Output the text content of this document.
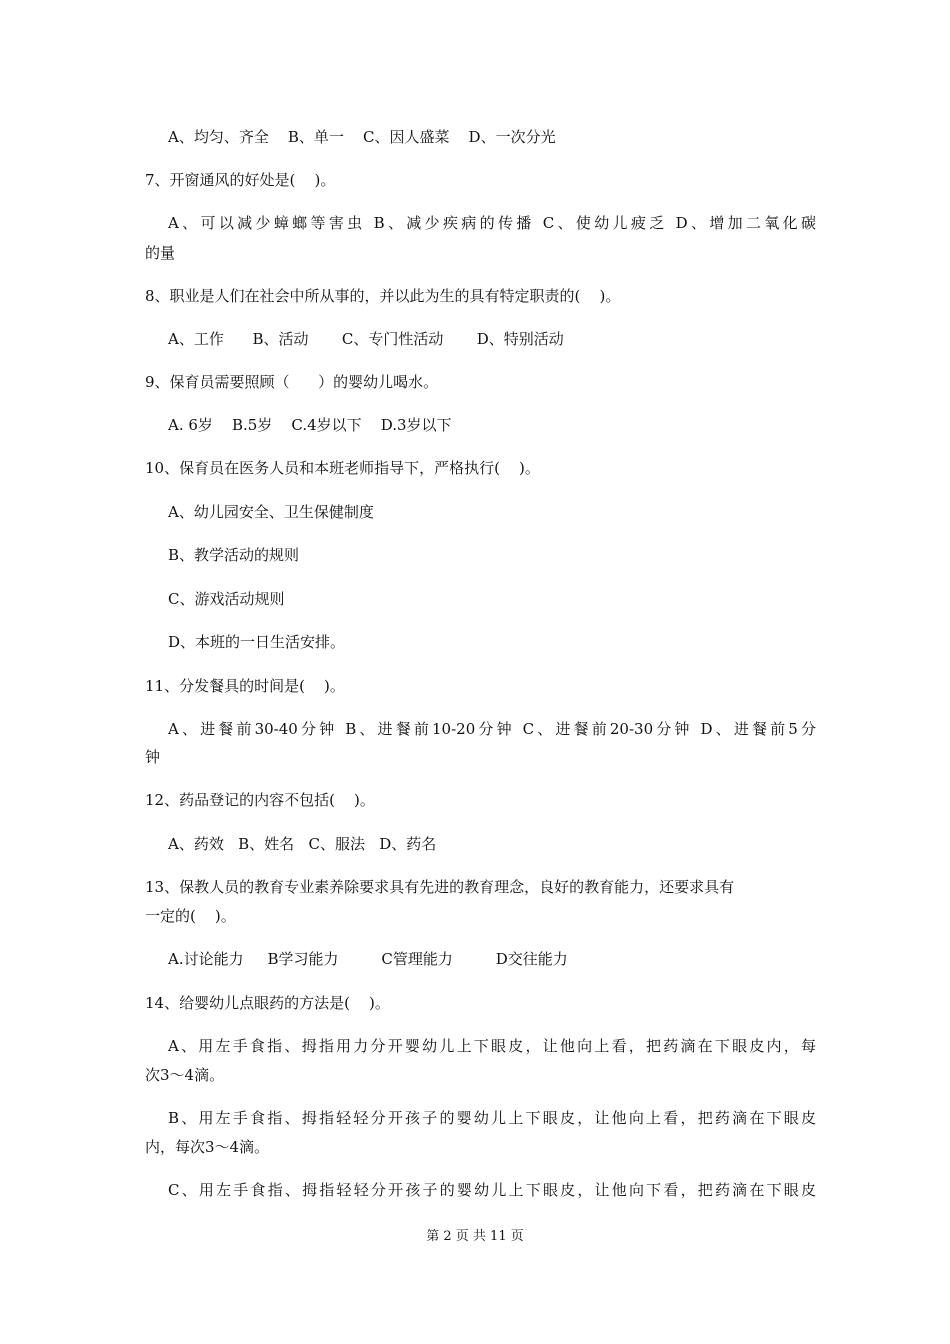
A、均匀、齐全    B、单一    C、因人盛菜    D、一次分光
7、开窗通风的好处是(    )。
A、可以减少蟑螂等害虫 B、减少疾病的传播 C、使幼儿疲乏 D、增加二氧化碳
的量
8、职业是人们在社会中所从事的，并以此为生的具有特定职责的(    )。
A、工作      B、活动       C、专门性活动       D、特别活动
9、保育员需要照顾（      ）的婴幼儿喝水。
A. 6岁    B.5岁    C.4岁以下    D.3岁以下
10、保育员在医务人员和本班老师指导下，严格执行(    )。
A、幼儿园安全、卫生保健制度
B、教学活动的规则
C、游戏活动规则
D、本班的一日生活安排。
11、分发餐具的时间是(    )。
A、进餐前30-40分钟 B、进餐前10-20分钟 C、进餐前20-30分钟 D、进餐前5分
钟
12、药品登记的内容不包括(    )。
A、药效   B、姓名   C、服法   D、药名
13、保教人员的教育专业素养除要求具有先进的教育理念，良好的教育能力，还要求具有
一定的(    )。
A.讨论能力     B学习能力         C管理能力         D交往能力
14、给婴幼儿点眼药的方法是(    )。
A、用左手食指、拇指用力分开婴幼儿上下眼皮，让他向上看，把药滴在下眼皮内，每
次3～4滴。
B、用左手食指、拇指轻轻分开孩子的婴幼儿上下眼皮，让他向上看，把药滴在下眼皮
内，每次3～4滴。
C、用左手食指、拇指轻轻分开孩子的婴幼儿上下眼皮，让他向下看，把药滴在下眼皮
第 2 页 共 11 页
